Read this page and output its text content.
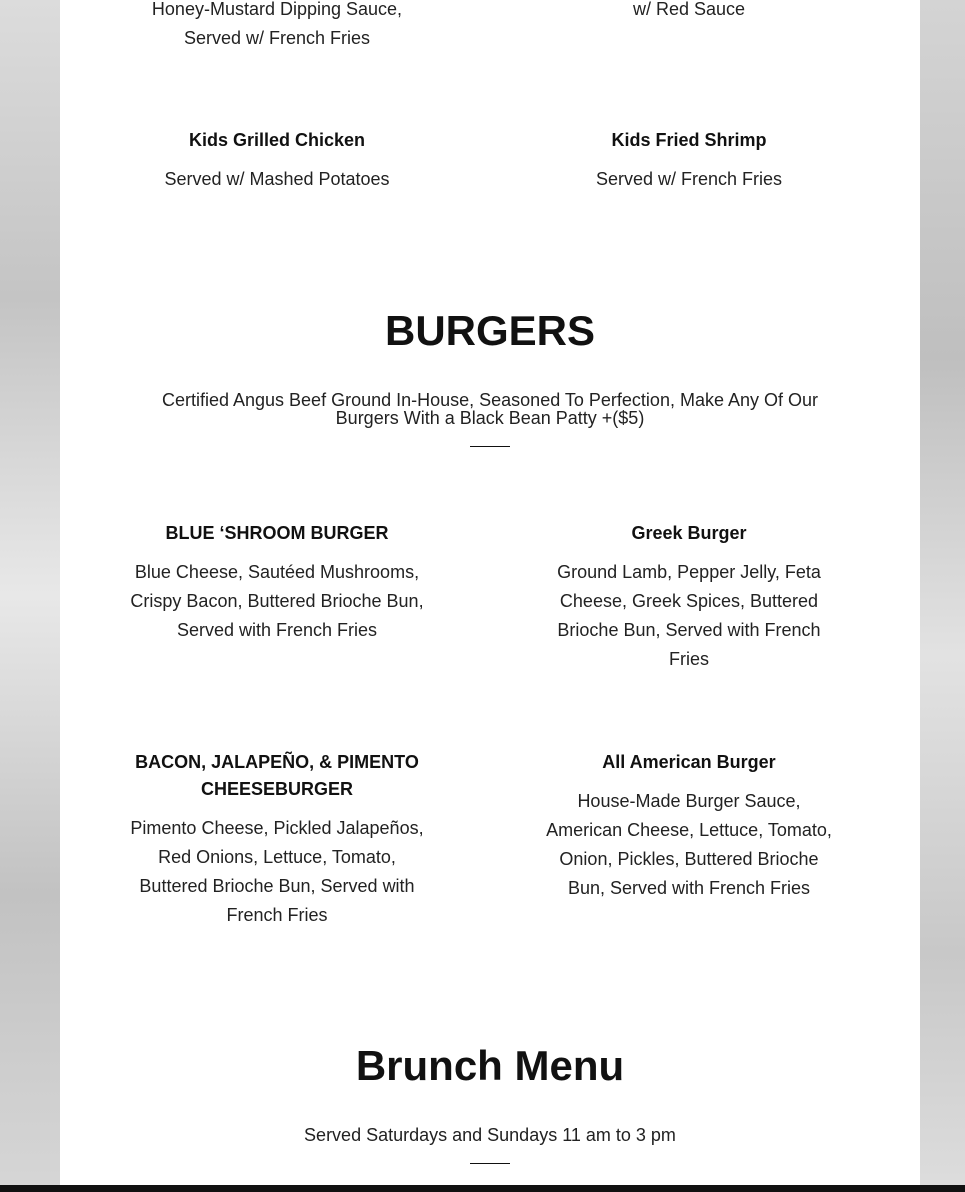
Honey-Mustard Dipping Sauce,
Served w/ French Fries
w/ Red Sauce
Kids Grilled Chicken
Served w/ Mashed Potatoes
Kids Fried Shrimp
Served w/ French Fries
BURGERS
Certified Angus Beef Ground In-House, Seasoned To Perfection, Make Any Of Our
Burgers With a Black Bean Patty +($5)
BLUE ‘SHROOM BURGER
Blue Cheese, Sautéed Mushrooms,
Crispy Bacon, Buttered Brioche Bun,
Served with French Fries
Greek Burger
Ground Lamb, Pepper Jelly, Feta
Cheese, Greek Spices, Buttered
Brioche Bun, Served with French
Fries
BACON, JALAPEÑO, & PIMENTO
CHEESEBURGER
Pimento Cheese, Pickled Jalapeños,
Red Onions, Lettuce, Tomato,
Buttered Brioche Bun, Served with
French Fries
All American Burger
House-Made Burger Sauce,
American Cheese, Lettuce, Tomato,
Onion, Pickles, Buttered Brioche
Bun, Served with French Fries
Brunch Menu
Served Saturdays and Sundays 11 am to 3 pm
